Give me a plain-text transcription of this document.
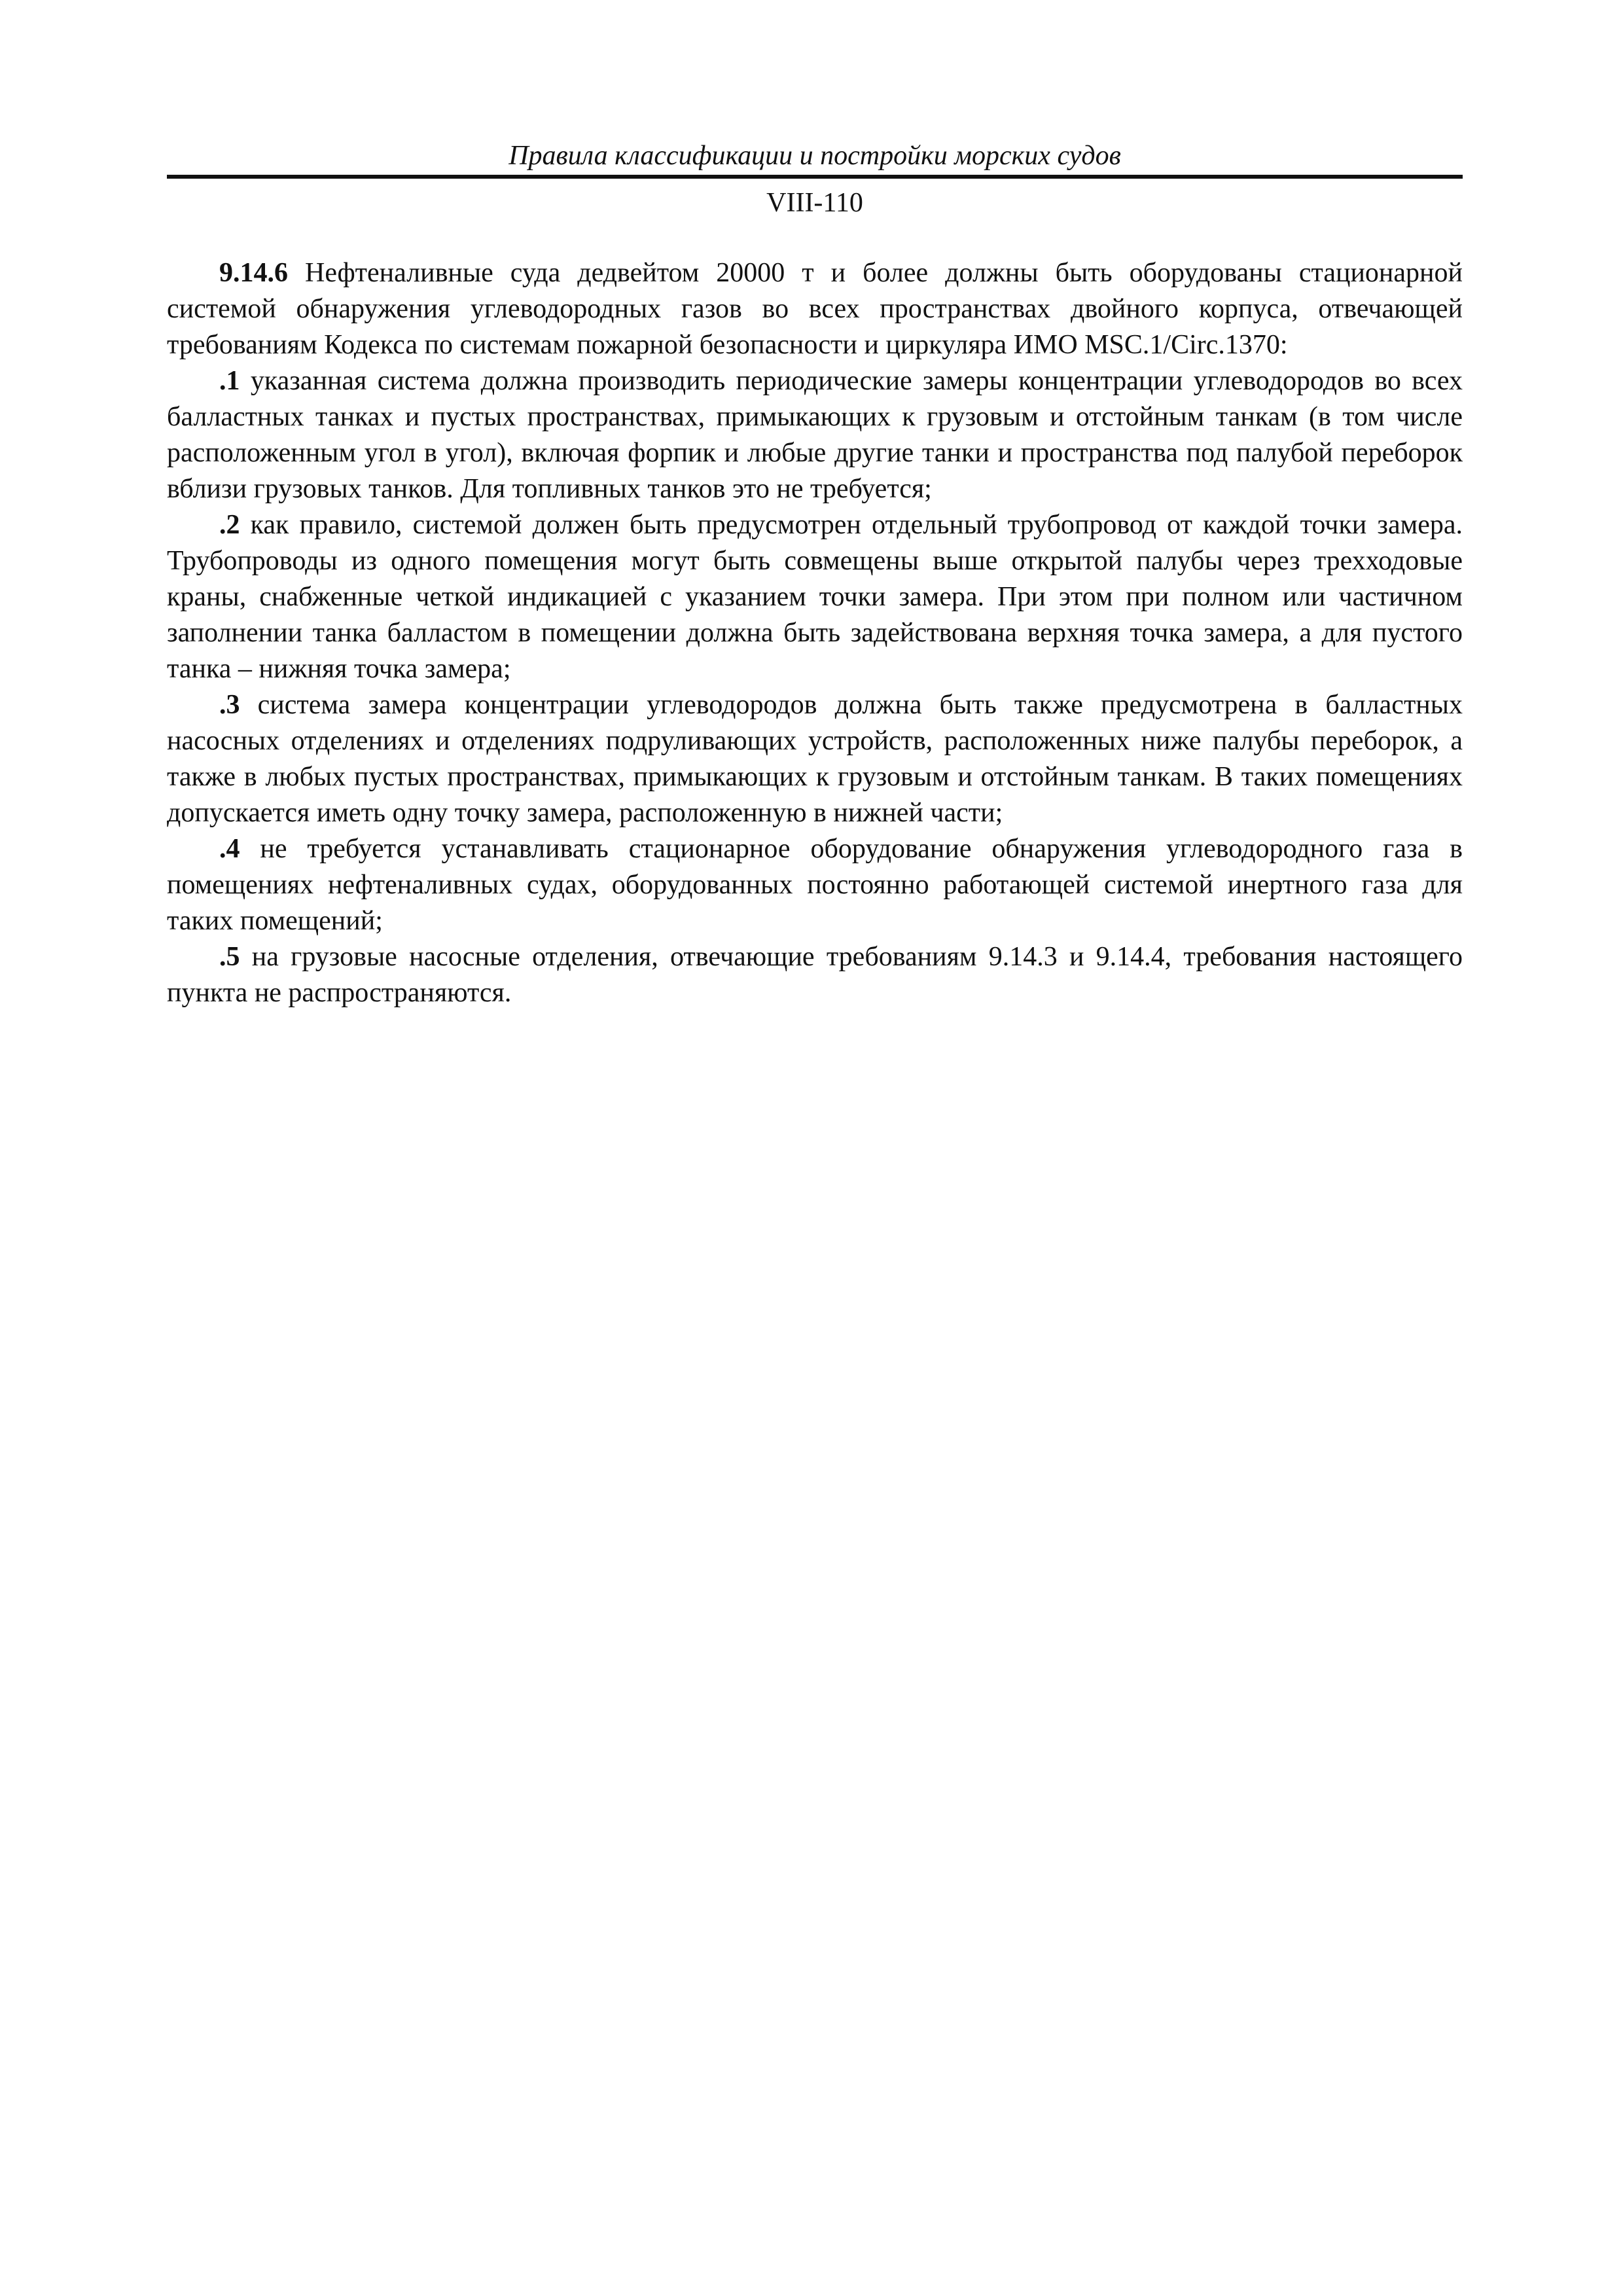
Правила классификации и постройки морских судов
VIII-110

9.14.6 Нефтеналивные суда дедвейтом 20000 т и более должны быть оборудованы стационарной системой обнаружения углеводородных газов во всех пространствах двойного корпуса, отвечающей требованиям Кодекса по системам пожарной безопасности и циркуляра ИМО MSC.1/Circ.1370:

.1 указанная система должна производить периодические замеры концентрации углеводородов во всех балластных танках и пустых пространствах, примыкающих к грузовым и отстойным танкам (в том числе расположенным угол в угол), включая форпик и любые другие танки и пространства под палубой переборок вблизи грузовых танков. Для топливных танков это не требуется;

.2 как правило, системой должен быть предусмотрен отдельный трубопровод от каждой точки замера. Трубопроводы из одного помещения могут быть совмещены выше открытой палубы через трехходовые краны, снабженные четкой индикацией с указанием точки замера. При этом при полном или частичном заполнении танка балластом в помещении должна быть задействована верхняя точка замера, а для пустого танка – нижняя точка замера;

.3 система замера концентрации углеводородов должна быть также предусмотрена в балластных насосных отделениях и отделениях подруливающих устройств, расположенных ниже палубы переборок, а также в любых пустых пространствах, примыкающих к грузовым и отстойным танкам. В таких помещениях допускается иметь одну точку замера, расположенную в нижней части;

.4 не требуется устанавливать стационарное оборудование обнаружения углеводородного газа в помещениях нефтеналивных судах, оборудованных постоянно работающей системой инертного газа для таких помещений;

.5 на грузовые насосные отделения, отвечающие требованиям 9.14.3 и 9.14.4, требования настоящего пункта не распространяются.
